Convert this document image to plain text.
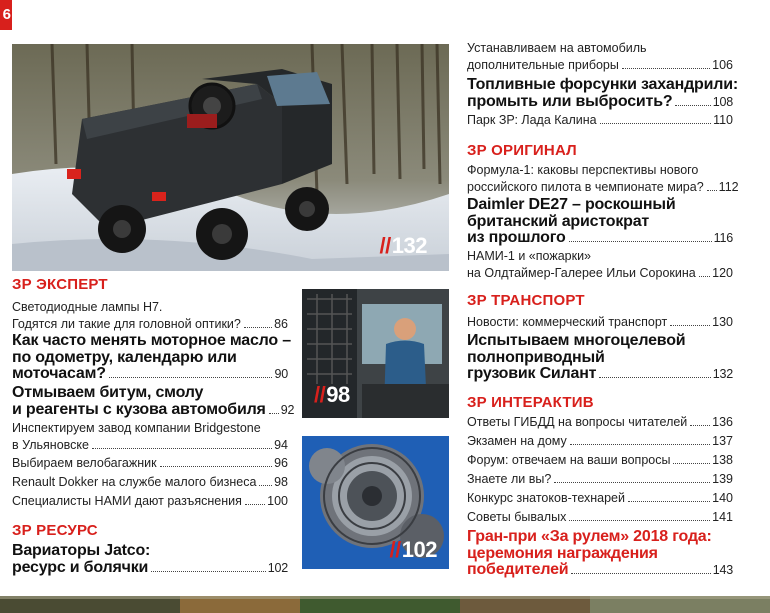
6
//132
//98
//102
ЗР ЭКСПЕРТ
Светодиодные лампы Н7.
Годятся ли такие для головной оптики?	86
Как часто менять моторное масло –
по одометру, календарю или
моточасам?	90
Отмываем битум, смолу
и реагенты с кузова автомобиля 92
Инспектируем завод компании Bridgestone
в Ульяновске	94
Выбираем велобагажник	96
Renault Dokker на службе малого бизнеса 98
Специалисты НАМИ дают разъяснения 100
ЗР РЕСУРС
Вариаторы Jatco:
ресурс и болячки	102
Устанавливаем на автомобиль
дополнительные приборы	106
Топливные форсунки захандрили:
промыть или выбросить?	108
Парк ЗР: Лада Калина	110
ЗР ОРИГИНАЛ
Формула-1: каковы перспективы нового
российского пилота в чемпионате мира? 112
Daimler DE27 – роскошный
британский аристократ
из прошлого	116
НАМИ-1 и «пожарки»
на Олдтаймер-Галерее Ильи Сорокина 120
ЗР ТРАНСПОРТ
Новости: коммерческий транспорт	130
Испытываем многоцелевой
полноприводный
грузовик Силант	132
ЗР ИНТЕРАКТИВ
Ответы ГИБДД на вопросы читателей 136
Экзамен на дому	137
Форум: отвечаем на ваши вопросы	138
Знаете ли вы?	139
Конкурс знатоков-технарей	140
Советы бывалых	141
Гран-при «За рулем» 2018 года:
церемония награждения
победителей	143
